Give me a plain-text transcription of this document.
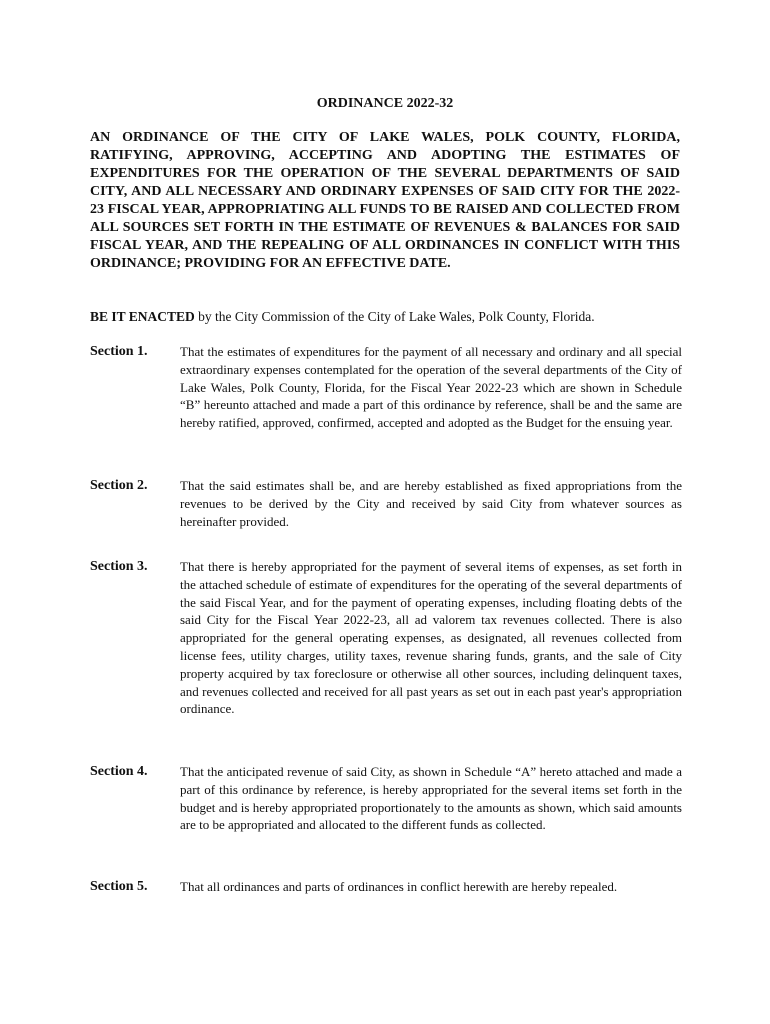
ORDINANCE 2022-32
AN ORDINANCE OF THE CITY OF LAKE WALES, POLK COUNTY, FLORIDA, RATIFYING, APPROVING, ACCEPTING AND ADOPTING THE ESTIMATES OF EXPENDITURES FOR THE OPERATION OF THE SEVERAL DEPARTMENTS OF SAID CITY, AND ALL NECESSARY AND ORDINARY EXPENSES OF SAID CITY FOR THE 2022-23 FISCAL YEAR, APPROPRIATING ALL FUNDS TO BE RAISED AND COLLECTED FROM ALL SOURCES SET FORTH IN THE ESTIMATE OF REVENUES & BALANCES FOR SAID FISCAL YEAR, AND THE REPEALING OF ALL ORDINANCES IN CONFLICT WITH THIS ORDINANCE; PROVIDING FOR AN EFFECTIVE DATE.
BE IT ENACTED by the City Commission of the City of Lake Wales, Polk County, Florida.
Section 1. That the estimates of expenditures for the payment of all necessary and ordinary and all special extraordinary expenses contemplated for the operation of the several departments of the City of Lake Wales, Polk County, Florida, for the Fiscal Year 2022-23 which are shown in Schedule “B” hereunto attached and made a part of this ordinance by reference, shall be and the same are hereby ratified, approved, confirmed, accepted and adopted as the Budget for the ensuing year.
Section 2. That the said estimates shall be, and are hereby established as fixed appropriations from the revenues to be derived by the City and received by said City from whatever sources as hereinafter provided.
Section 3. That there is hereby appropriated for the payment of several items of expenses, as set forth in the attached schedule of estimate of expenditures for the operating of the several departments of the said Fiscal Year, and for the payment of operating expenses, including floating debts of the said City for the Fiscal Year 2022-23, all ad valorem tax revenues collected. There is also appropriated for the general operating expenses, as designated, all revenues collected from license fees, utility charges, utility taxes, revenue sharing funds, grants, and the sale of City property acquired by tax foreclosure or otherwise all other sources, including delinquent taxes, and revenues collected and received for all past years as set out in each past year's appropriation ordinance.
Section 4. That the anticipated revenue of said City, as shown in Schedule “A” hereto attached and made a part of this ordinance by reference, is hereby appropriated for the several items set forth in the budget and is hereby appropriated proportionately to the amounts as shown, which said amounts are to be appropriated and allocated to the different funds as collected.
Section 5. That all ordinances and parts of ordinances in conflict herewith are hereby repealed.
